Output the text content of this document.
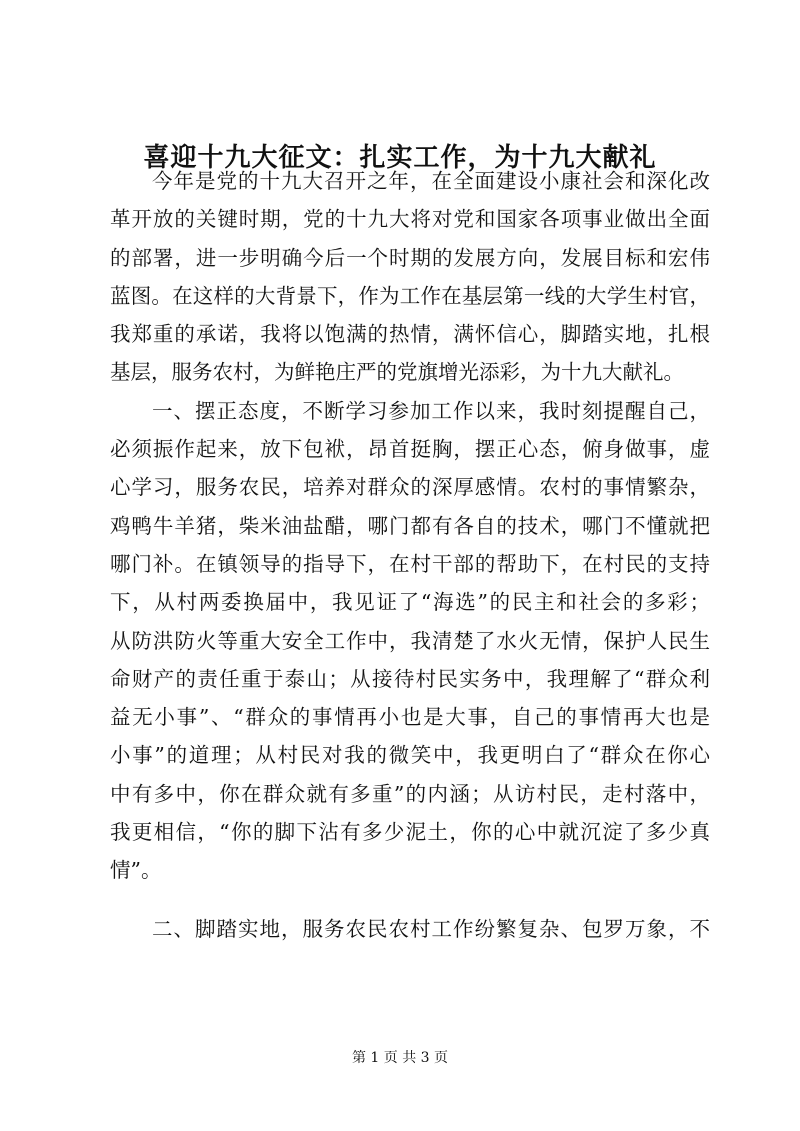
喜迎十九大征文：扎实工作，为十九大献礼
今年是党的十九大召开之年，在全面建设小康社会和深化改
革开放的关键时期，党的十九大将对党和国家各项事业做出全面
的部署，进一步明确今后一个时期的发展方向，发展目标和宏伟
蓝图。在这样的大背景下，作为工作在基层第一线的大学生村官，
我郑重的承诺，我将以饱满的热情，满怀信心，脚踏实地，扎根
基层，服务农村，为鲜艳庄严的党旗增光添彩，为十九大献礼。
一、摆正态度，不断学习参加工作以来，我时刻提醒自己，
必须振作起来，放下包袱，昂首挺胸，摆正心态，俯身做事，虚
心学习，服务农民，培养对群众的深厚感情。农村的事情繁杂，
鸡鸭牛羊猪，柴米油盐醋，哪门都有各自的技术，哪门不懂就把
哪门补。在镇领导的指导下，在村干部的帮助下，在村民的支持
下，从村两委换届中，我见证了“海选”的民主和社会的多彩；
从防洪防火等重大安全工作中，我清楚了水火无情，保护人民生
命财产的责任重于泰山；从接待村民实务中，我理解了“群众利
益无小事”、“群众的事情再小也是大事，自己的事情再大也是
小事”的道理；从村民对我的微笑中，我更明白了“群众在你心
中有多中，你在群众就有多重”的内涵；从访村民，走村落中，
我更相信，“你的脚下沾有多少泥土，你的心中就沉淀了多少真
情”。
二、脚踏实地，服务农民农村工作纷繁复杂、包罗万象，不
第 1 页 共 3 页
